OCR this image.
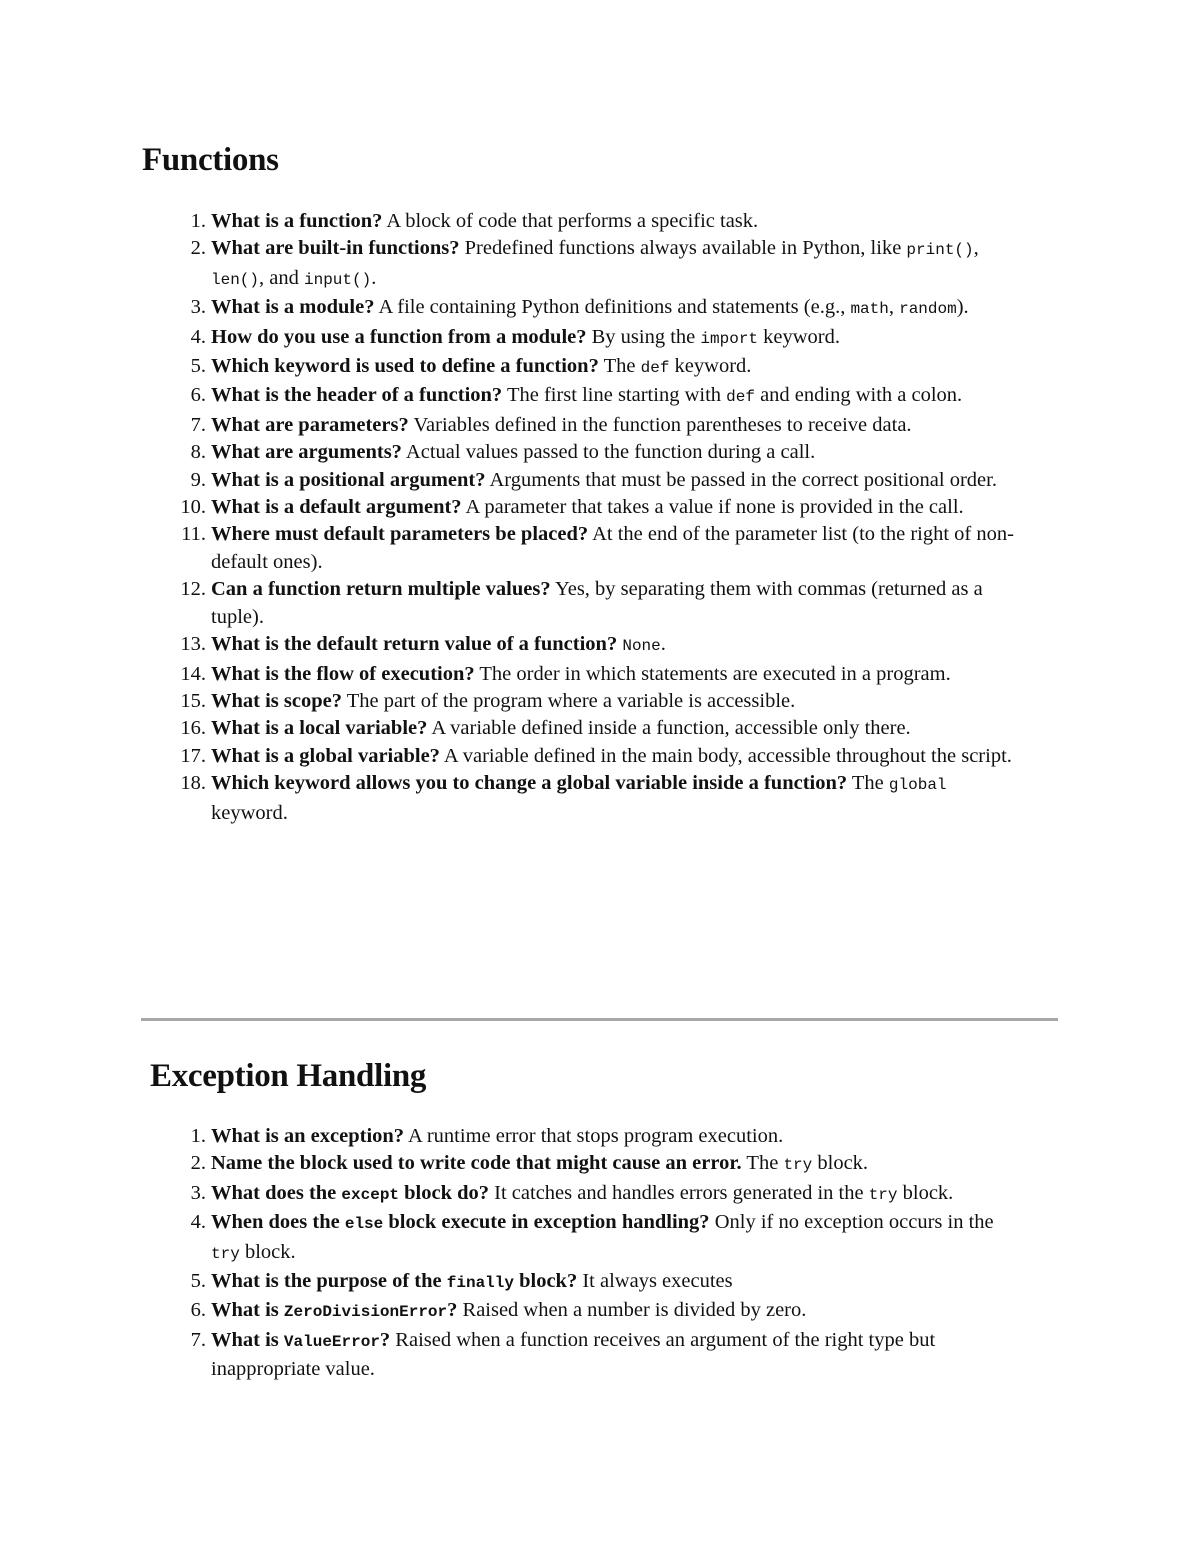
Functions
1. What is a function? A block of code that performs a specific task.
2. What are built-in functions? Predefined functions always available in Python, like print(), len(), and input().
3. What is a module? A file containing Python definitions and statements (e.g., math, random).
4. How do you use a function from a module? By using the import keyword.
5. Which keyword is used to define a function? The def keyword.
6. What is the header of a function? The first line starting with def and ending with a colon.
7. What are parameters? Variables defined in the function parentheses to receive data.
8. What are arguments? Actual values passed to the function during a call.
9. What is a positional argument? Arguments that must be passed in the correct positional order.
10. What is a default argument? A parameter that takes a value if none is provided in the call.
11. Where must default parameters be placed? At the end of the parameter list (to the right of non-default ones).
12. Can a function return multiple values? Yes, by separating them with commas (returned as a tuple).
13. What is the default return value of a function? None.
14. What is the flow of execution? The order in which statements are executed in a program.
15. What is scope? The part of the program where a variable is accessible.
16. What is a local variable? A variable defined inside a function, accessible only there.
17. What is a global variable? A variable defined in the main body, accessible throughout the script.
18. Which keyword allows you to change a global variable inside a function? The global keyword.
Exception Handling
1. What is an exception? A runtime error that stops program execution.
2. Name the block used to write code that might cause an error. The try block.
3. What does the except block do? It catches and handles errors generated in the try block.
4. When does the else block execute in exception handling? Only if no exception occurs in the try block.
5. What is the purpose of the finally block? It always executes
6. What is ZeroDivisionError? Raised when a number is divided by zero.
7. What is ValueError? Raised when a function receives an argument of the right type but inappropriate value.
